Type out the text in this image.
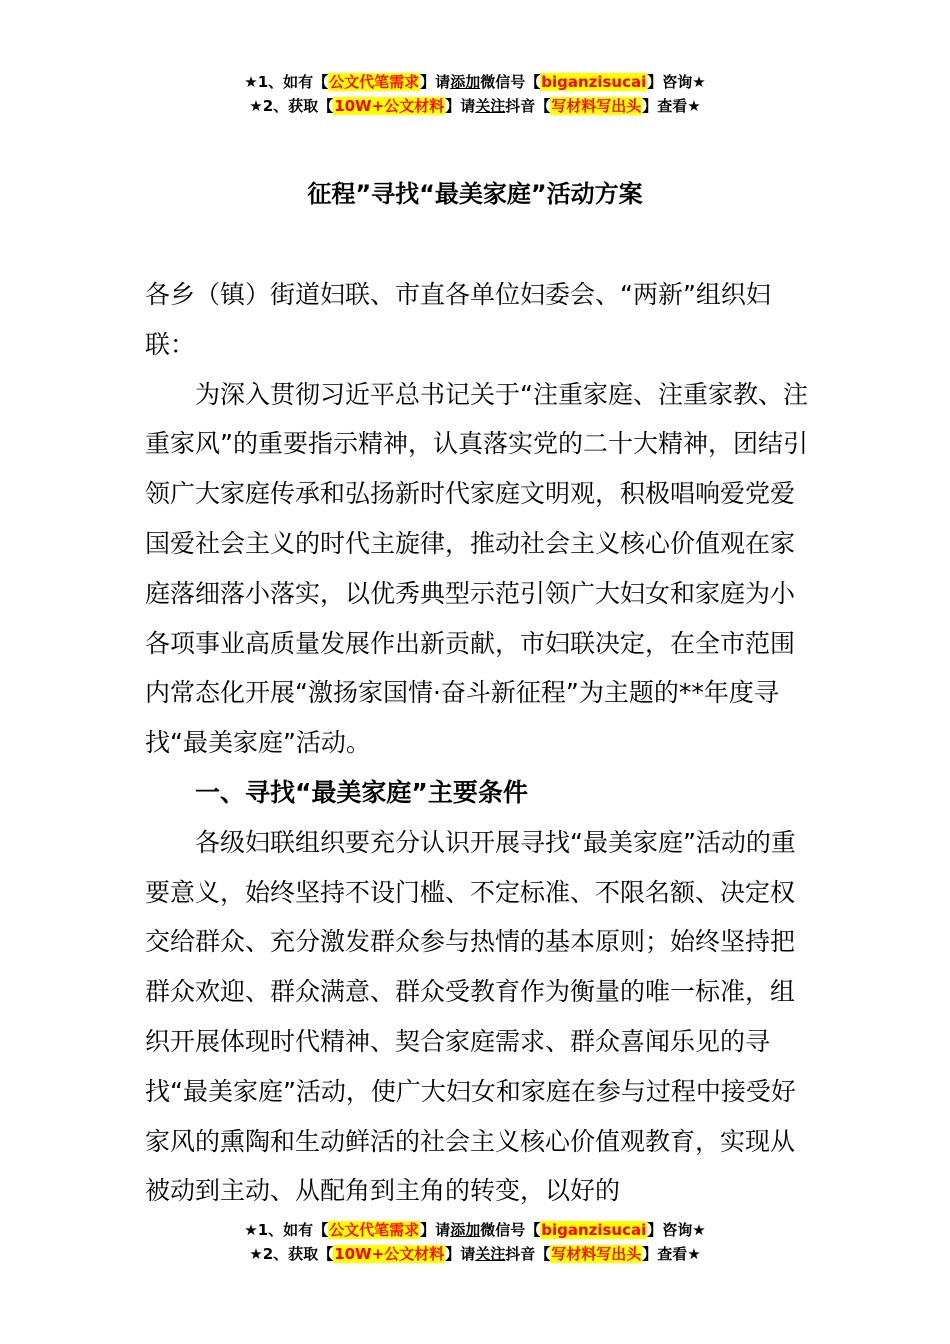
★1、如有【公文代笔需求】请添加微信号【biganzisucai】咨询★
★2、获取【10W+公文材料】请关注抖音【写材料写出头】查看★
征程”寻找“最美家庭”活动方案

各乡（镇）街道妇联、市直各单位妇委会、“两新”组织妇联：

为深入贯彻习近平总书记关于“注重家庭、注重家教、注重家风”的重要指示精神，认真落实党的二十大精神，团结引领广大家庭传承和弘扬新时代家庭文明观，积极唱响爱党爱国爱社会主义的时代主旋律，推动社会主义核心价值观在家庭落细落小落实，以优秀典型示范引领广大妇女和家庭为小各项事业高质量发展作出新贡献，市妇联决定，在全市范围内常态化开展“激扬家国情·奋斗新征程”为主题的**年度寻找“最美家庭”活动。

一、寻找“最美家庭”主要条件

各级妇联组织要充分认识开展寻找“最美家庭”活动的重要意义，始终坚持不设门槛、不定标准、不限名额、决定权交给群众、充分激发群众参与热情的基本原则；始终坚持把群众欢迎、群众满意、群众受教育作为衡量的唯一标准，组织开展体现时代精神、契合家庭需求、群众喜闻乐见的寻找“最美家庭”活动，使广大妇女和家庭在参与过程中接受好家风的熏陶和生动鲜活的社会主义核心价值观教育，实现从被动到主动、从配角到主角的转变，以好的

★1、如有【公文代笔需求】请添加微信号【biganzisucai】咨询★
★2、获取【10W+公文材料】请关注抖音【写材料写出头】查看★
